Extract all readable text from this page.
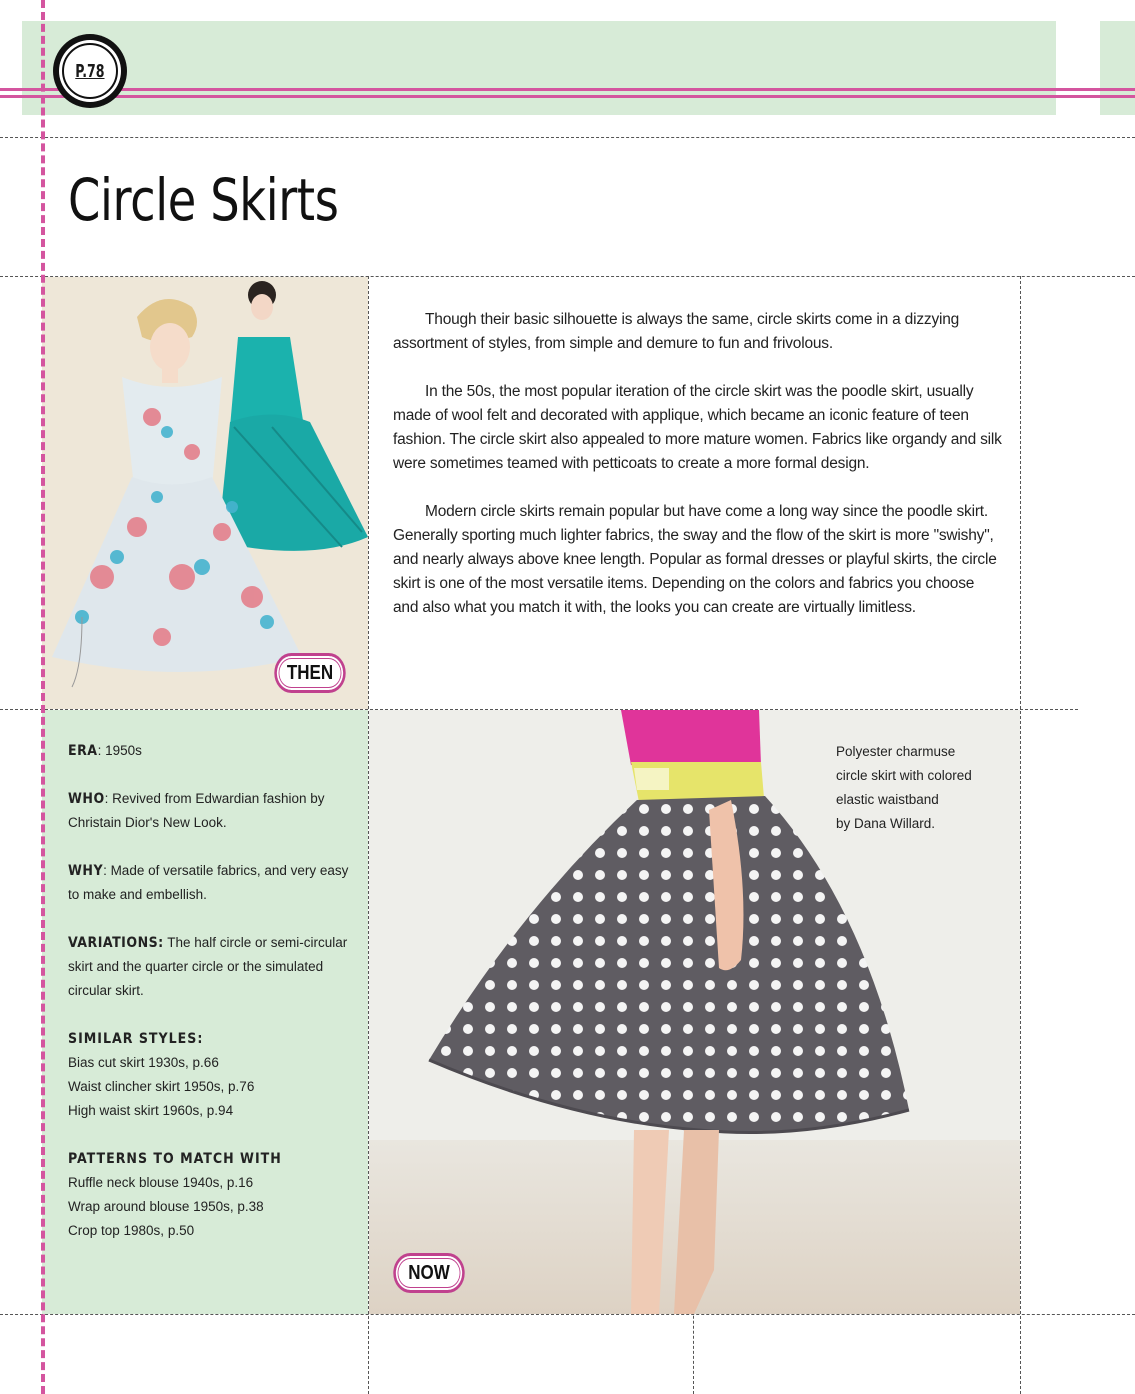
P.78
Circle Skirts
THEN

Though their basic silhouette is always the same, circle skirts come in a dizzying assortment of styles, from simple and demure to fun and frivolous.

In the 50s, the most popular iteration of the circle skirt was the poodle skirt, usually made of wool felt and decorated with applique, which became an iconic feature of teen fashion. The circle skirt also appealed to more mature women. Fabrics like organdy and silk were sometimes teamed with petticoats to create a more formal design.

Modern circle skirts remain popular but have come a long way since the poodle skirt. Generally sporting much lighter fabrics, the sway and the flow of the skirt is more "swishy", and nearly always above knee length. Popular as formal dresses or playful skirts, the circle skirt is one of the most versatile items. Depending on the colors and fabrics you choose and also what you match it with, the looks you can create are virtually limitless.

ERA: 1950s
WHO: Revived from Edwardian fashion by Christain Dior's New Look.
WHY: Made of versatile fabrics, and very easy to make and embellish.
VARIATIONS: The half circle or semi-circular skirt and the quarter circle or the simulated circular skirt.
SIMILAR STYLES:
Bias cut skirt 1930s, p.66
Waist clincher skirt 1950s, p.76
High waist skirt 1960s, p.94
PATTERNS TO MATCH WITH
Ruffle neck blouse 1940s, p.16
Wrap around blouse 1950s, p.38
Crop top 1980s, p.50
Polyester charmuse
circle skirt with colored
elastic waistband
by Dana Willard.
NOW
